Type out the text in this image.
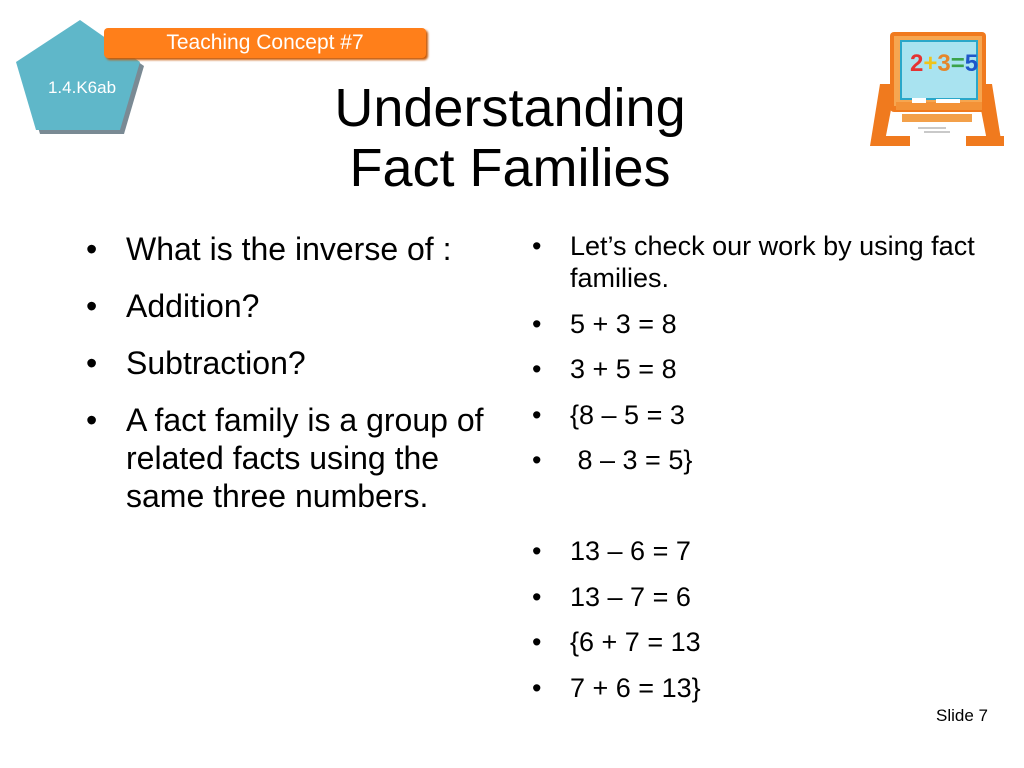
1.4.K6ab
Teaching Concept #7
Understanding
Fact Families
2+3=5
• What is the inverse of :
• Addition?
• Subtraction?
• A fact family is a group of related facts using the same three numbers.
• Let’s check our work by using fact families.
• 5 + 3 = 8
• 3 + 5 = 8
• {8 – 5 = 3
• 8 – 3 = 5}
• 13 – 6 = 7
• 13 – 7 = 6
• {6 + 7 = 13
• 7 + 6 = 13}
Slide 7
